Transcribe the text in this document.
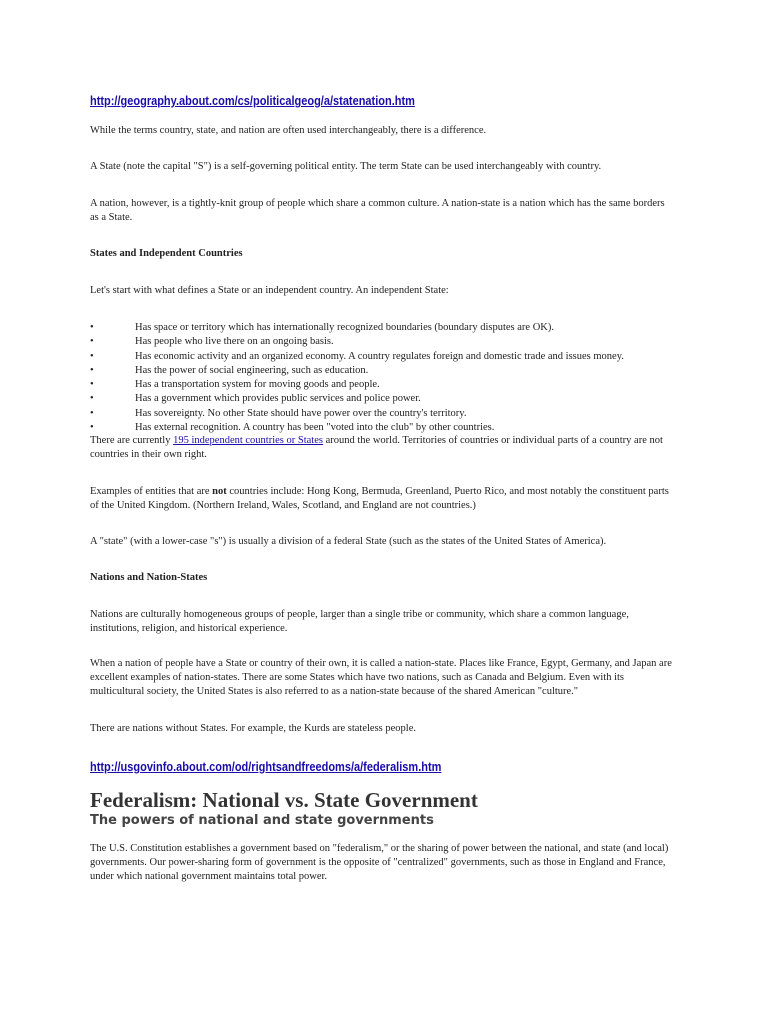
http://geography.about.com/cs/politicalgeog/a/statenation.htm

While the terms country, state, and nation are often used interchangeably, there is a difference.

A State (note the capital "S") is a self-governing political entity. The term State can be used interchangeably with country.

A nation, however, is a tightly-knit group of people which share a common culture. A nation-state is a nation which has the same borders as a State.

States and Independent Countries

Let's start with what defines a State or an independent country. An independent State:

•	Has space or territory which has internationally recognized boundaries (boundary disputes are OK).
•	Has people who live there on an ongoing basis.
•	Has economic activity and an organized economy. A country regulates foreign and domestic trade and issues money.
•	Has the power of social engineering, such as education.
•	Has a transportation system for moving goods and people.
•	Has a government which provides public services and police power.
•	Has sovereignty. No other State should have power over the country's territory.
•	Has external recognition. A country has been "voted into the club" by other countries.

There are currently 195 independent countries or States around the world. Territories of countries or individual parts of a country are not countries in their own right.

Examples of entities that are not countries include: Hong Kong, Bermuda, Greenland, Puerto Rico, and most notably the constituent parts of the United Kingdom. (Northern Ireland, Wales, Scotland, and England are not countries.)

A "state" (with a lower-case "s") is usually a division of a federal State (such as the states of the United States of America).

Nations and Nation-States

Nations are culturally homogeneous groups of people, larger than a single tribe or community, which share a common language, institutions, religion, and historical experience.

When a nation of people have a State or country of their own, it is called a nation-state. Places like France, Egypt, Germany, and Japan are excellent examples of nation-states. There are some States which have two nations, such as Canada and Belgium. Even with its multicultural society, the United States is also referred to as a nation-state because of the shared American "culture."

There are nations without States. For example, the Kurds are stateless people.

http://usgovinfo.about.com/od/rightsandfreedoms/a/federalism.htm
Federalism: National vs. State Government
The powers of national and state governments

The U.S. Constitution establishes a government based on "federalism," or the sharing of power between the national, and state (and local) governments. Our power-sharing form of government is the opposite of "centralized" governments, such as those in England and France, under which national government maintains total power.
